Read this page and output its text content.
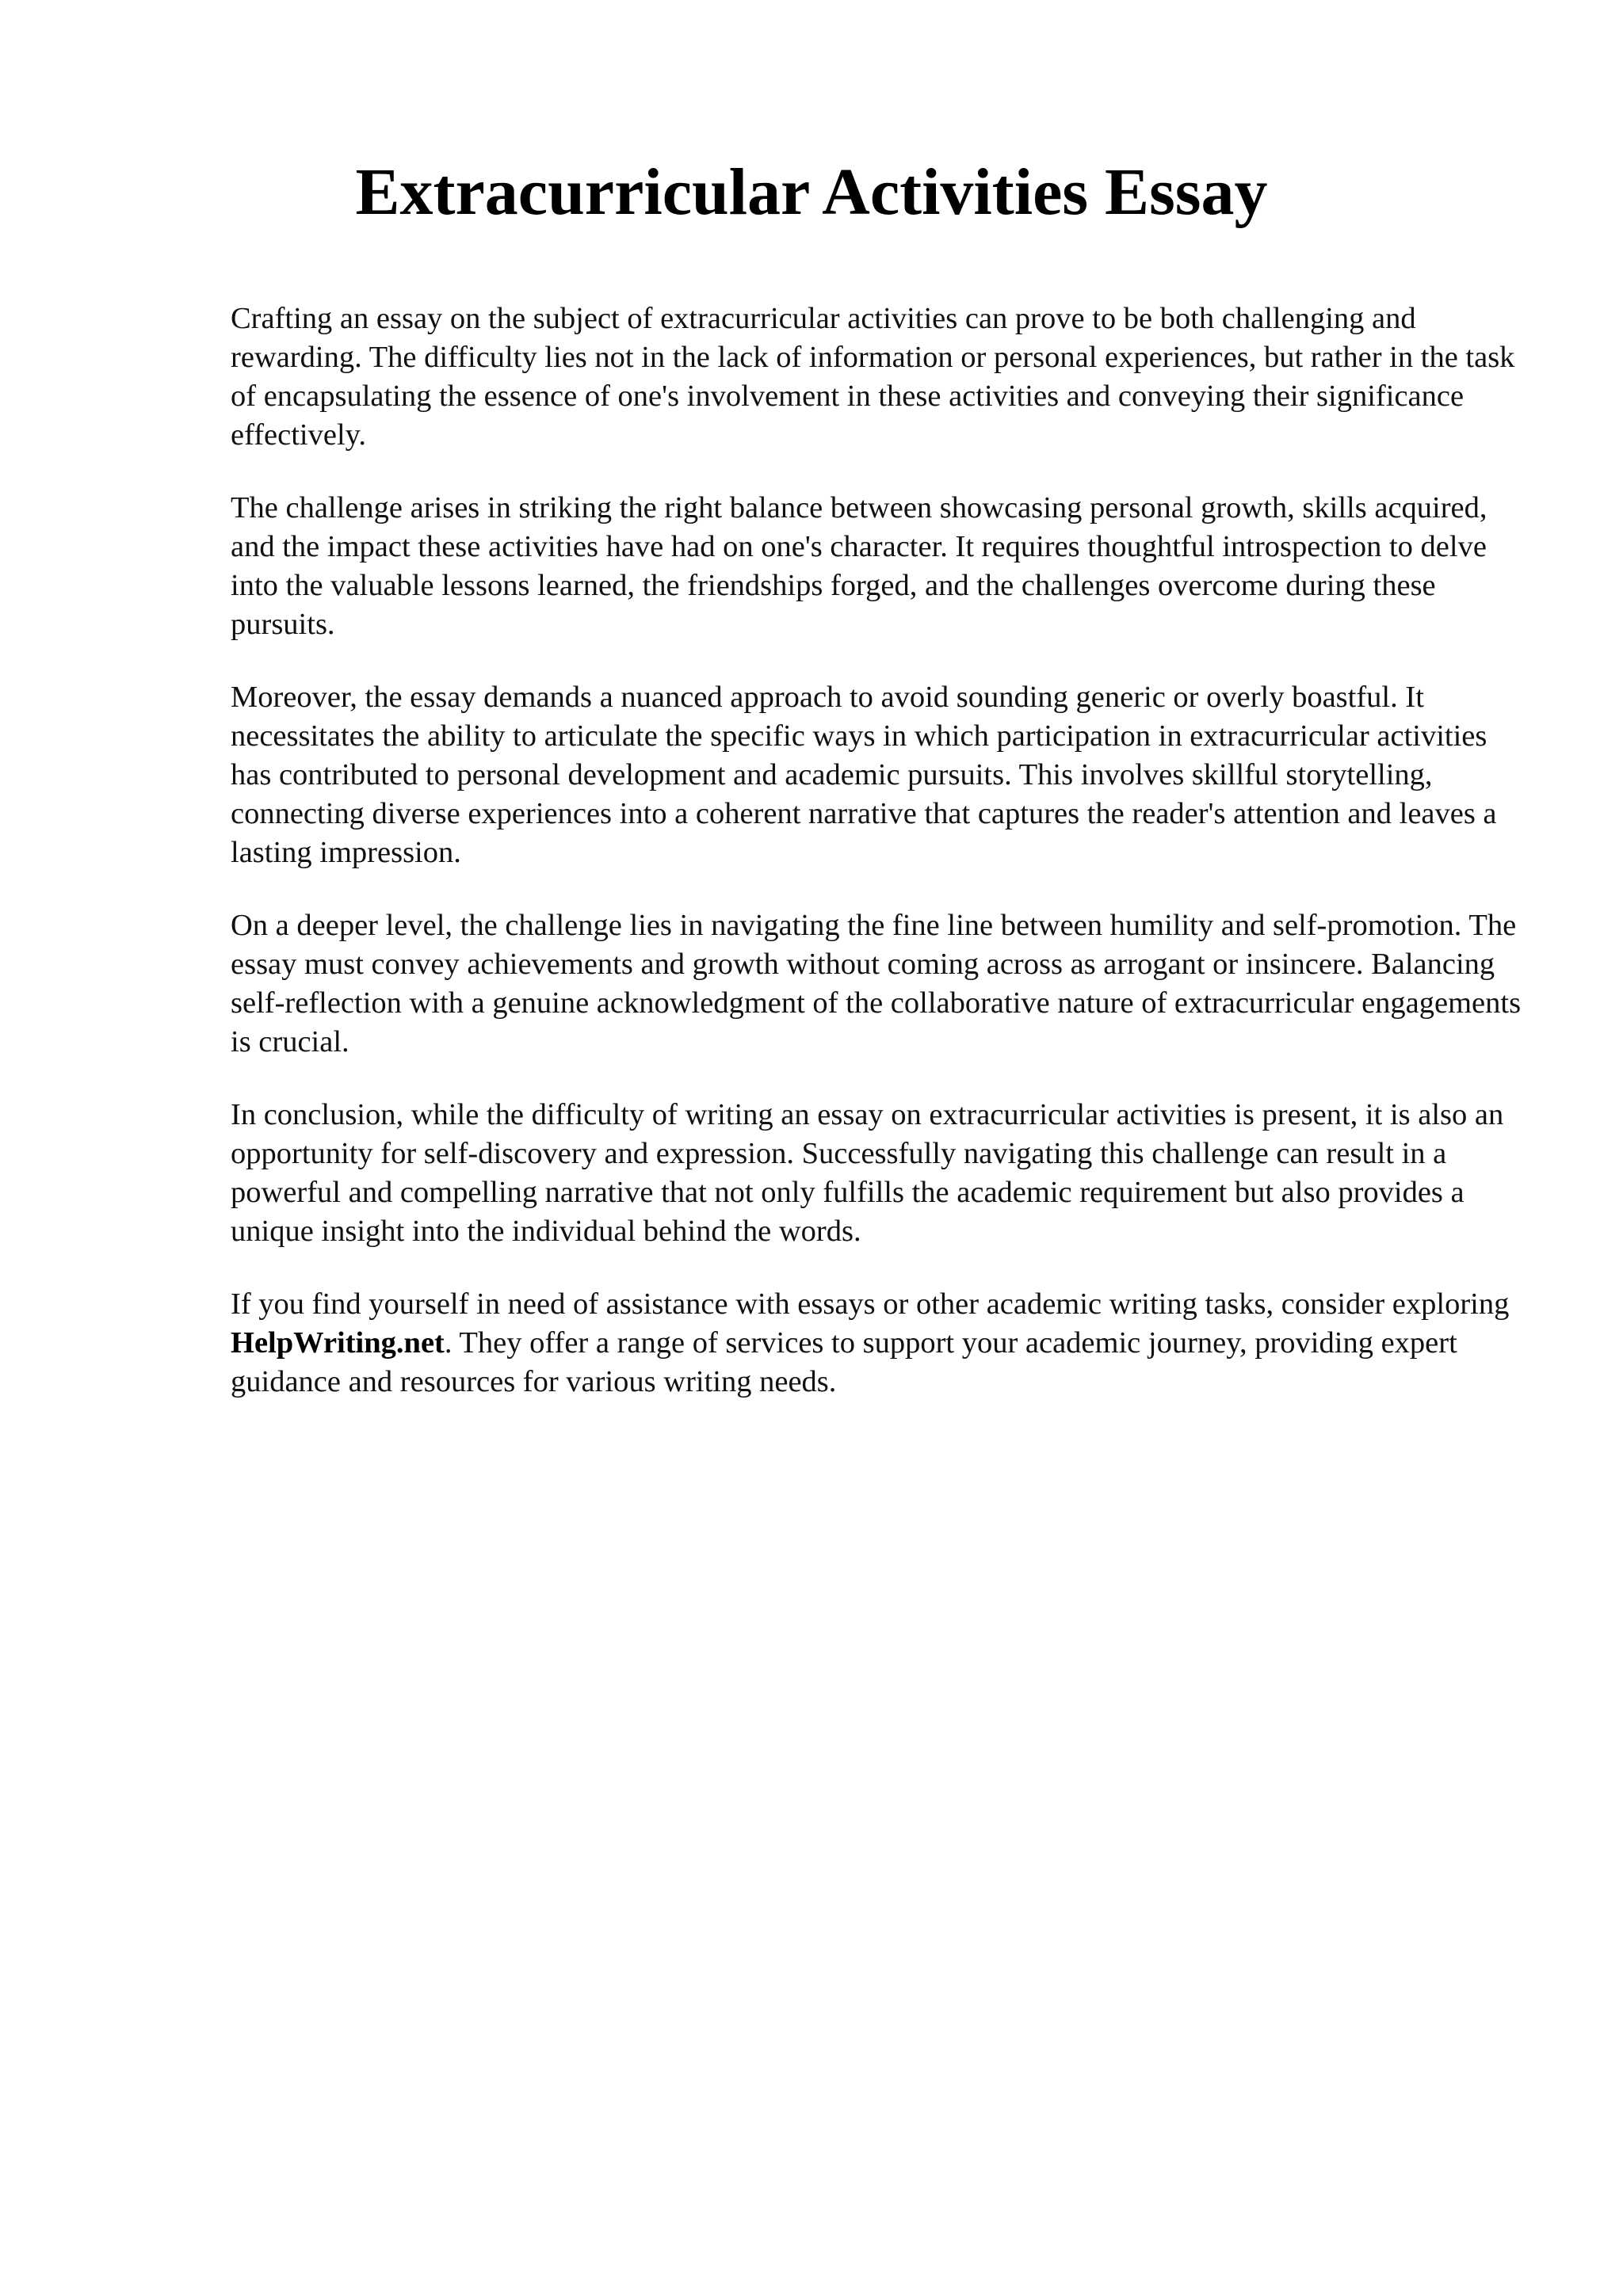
Extracurricular Activities Essay

Crafting an essay on the subject of extracurricular activities can prove to be both challenging and rewarding. The difficulty lies not in the lack of information or personal experiences, but rather in the task of encapsulating the essence of one's involvement in these activities and conveying their significance effectively.

The challenge arises in striking the right balance between showcasing personal growth, skills acquired, and the impact these activities have had on one's character. It requires thoughtful introspection to delve into the valuable lessons learned, the friendships forged, and the challenges overcome during these pursuits.

Moreover, the essay demands a nuanced approach to avoid sounding generic or overly boastful. It necessitates the ability to articulate the specific ways in which participation in extracurricular activities has contributed to personal development and academic pursuits. This involves skillful storytelling, connecting diverse experiences into a coherent narrative that captures the reader's attention and leaves a lasting impression.

On a deeper level, the challenge lies in navigating the fine line between humility and self-promotion. The essay must convey achievements and growth without coming across as arrogant or insincere. Balancing self-reflection with a genuine acknowledgment of the collaborative nature of extracurricular engagements is crucial.

In conclusion, while the difficulty of writing an essay on extracurricular activities is present, it is also an opportunity for self-discovery and expression. Successfully navigating this challenge can result in a powerful and compelling narrative that not only fulfills the academic requirement but also provides a unique insight into the individual behind the words.

If you find yourself in need of assistance with essays or other academic writing tasks, consider exploring HelpWriting.net. They offer a range of services to support your academic journey, providing expert guidance and resources for various writing needs.
